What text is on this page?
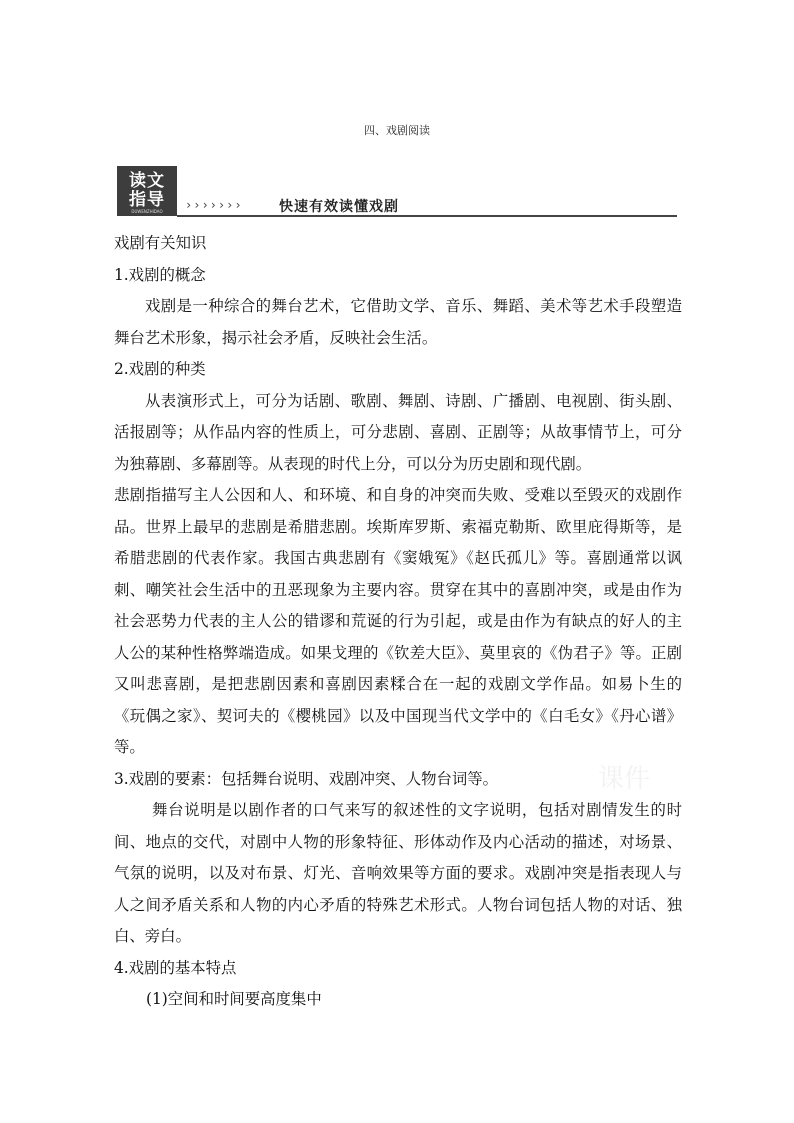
四、戏剧阅读
读文
指导
DUWENZHIDAO	›››››››	快速有效读懂戏剧

戏剧有关知识

1.戏剧的概念

戏剧是一种综合的舞台艺术，它借助文学、音乐、舞蹈、美术等艺术手段塑造舞台艺术形象，揭示社会矛盾，反映社会生活。

2.戏剧的种类

从表演形式上，可分为话剧、歌剧、舞剧、诗剧、广播剧、电视剧、街头剧、活报剧等；从作品内容的性质上，可分悲剧、喜剧、正剧等；从故事情节上，可分为独幕剧、多幕剧等。从表现的时代上分，可以分为历史剧和现代剧。

悲剧指描写主人公因和人、和环境、和自身的冲突而失败、受难以至毁灭的戏剧作品。世界上最早的悲剧是希腊悲剧。埃斯库罗斯、索福克勒斯、欧里庇得斯等，是希腊悲剧的代表作家。我国古典悲剧有《窦娥冤》《赵氏孤儿》等。喜剧通常以讽刺、嘲笑社会生活中的丑恶现象为主要内容。贯穿在其中的喜剧冲突，或是由作为社会恶势力代表的主人公的错谬和荒诞的行为引起，或是由作为有缺点的好人的主人公的某种性格弊端造成。如果戈理的《钦差大臣》、莫里哀的《伪君子》等。正剧又叫悲喜剧，是把悲剧因素和喜剧因素糅合在一起的戏剧文学作品。如易卜生的《玩偶之家》、契诃夫的《樱桃园》以及中国现当代文学中的《白毛女》《丹心谱》等。

3.戏剧的要素：包括舞台说明、戏剧冲突、人物台词等。

舞台说明是以剧作者的口气来写的叙述性的文字说明，包括对剧情发生的时间、地点的交代，对剧中人物的形象特征、形体动作及内心活动的描述，对场景、气氛的说明，以及对布景、灯光、音响效果等方面的要求。戏剧冲突是指表现人与人之间矛盾关系和人物的内心矛盾的特殊艺术形式。人物台词包括人物的对话、独白、旁白。

4.戏剧的基本特点

(1)空间和时间要高度集中

课件
